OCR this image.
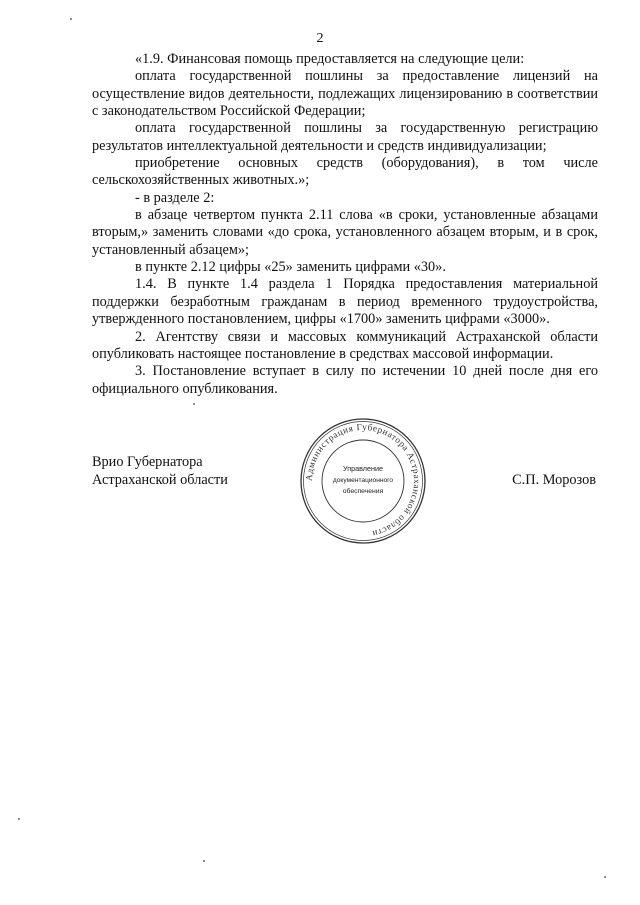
2

«1.9. Финансовая помощь предоставляется на следующие цели:

оплата государственной пошлины за предоставление лицензий на осуществление видов деятельности, подлежащих лицензированию в соответствии с законодательством Российской Федерации;

оплата государственной пошлины за государственную регистрацию результатов интеллектуальной деятельности и средств индивидуализации;

приобретение основных средств (оборудования), в том числе сельскохозяйственных животных.»;

- в разделе 2:

в абзаце четвертом пункта 2.11 слова «в сроки, установленные абзацами вторым,» заменить словами «до срока, установленного абзацем вторым, и в срок, установленный абзацем»;

в пункте 2.12 цифры «25» заменить цифрами «30».

1.4. В пункте 1.4 раздела 1 Порядка предоставления материальной поддержки безработным гражданам в период временного трудоустройства, утвержденного постановлением, цифры «1700» заменить цифрами «3000».

2. Агентству связи и массовых коммуникаций Астраханской области опубликовать настоящее постановление в средствах массовой информации.

3. Постановление вступает в силу по истечении 10 дней после дня его официального опубликования.

Врио Губернатора
Астраханской области	Администрация Губернатора Астраханской области
Управление
документационного
обеспечения
С.П. Морозов
